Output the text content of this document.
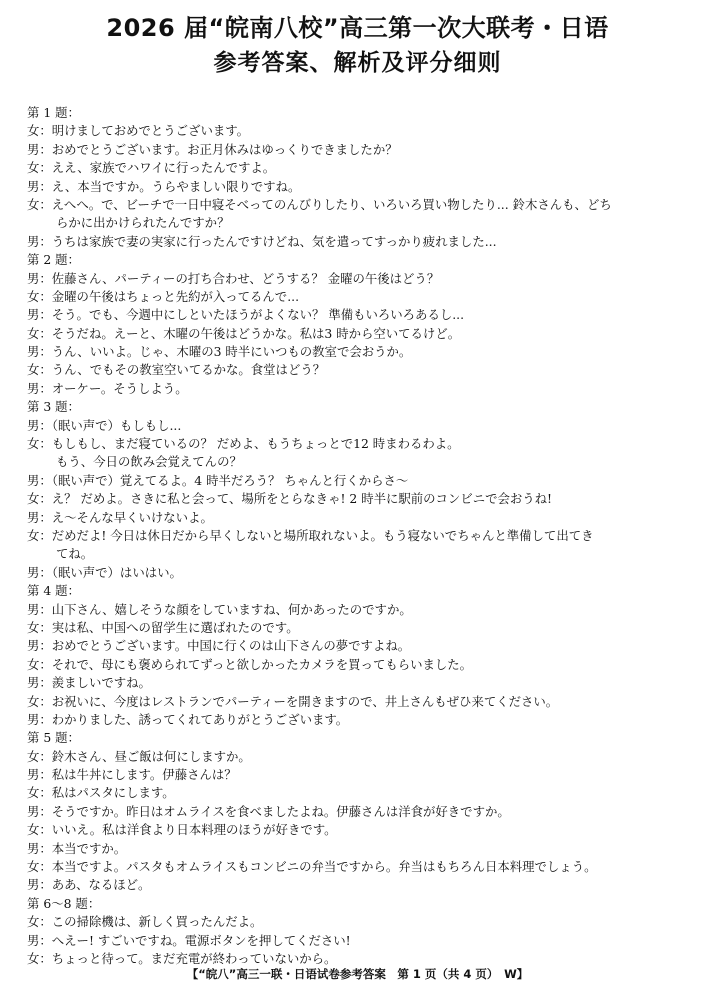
2026 届“皖南八校”高三第一次大联考・日语
参考答案、解析及评分细则
第 1 题：
女：明けましておめでとうございます。
男：おめでとうございます。お正月休みはゆっくりできましたか？
女：ええ、家族でハワイに行ったんですよ。
男：え、本当ですか。うらやましい限りですね。
女：えへへ。で、ビーチで一日中寝そべってのんびりしたり、いろいろ買い物したり... 鈴木さんも、どち
らかに出かけられたんですか？
男：うちは家族で妻の実家に行ったんですけどね、気を遣ってすっかり疲れました...
第 2 题：
男：佐藤さん、パーティーの打ち合わせ、どうする？ 金曜の午後はどう？
女：金曜の午後はちょっと先約が入ってるんで...
男：そう。でも、今週中にしといたほうがよくない？ 準備もいろいろあるし...
女：そうだね。えーと、木曜の午後はどうかな。私は3 時から空いてるけど。
男：うん、いいよ。じゃ、木曜の3 時半にいつもの教室で会おうか。
女：うん、でもその教室空いてるかな。食堂はどう？
男：オーケー。そうしよう。
第 3 题：
男：（眠い声で）もしもし...
女：もしもし、まだ寝ているの？ だめよ、もうちょっとで12 時まわるわよ。
もう、今日の飲み会覚えてんの？
男：（眠い声で）覚えてるよ。4 時半だろう？ ちゃんと行くからさ～
女：え？ だめよ。さきに私と会って、場所をとらなきゃ! 2 時半に駅前のコンビニで会おうね!
男：え～そんな早くいけないよ。
女：だめだよ! 今日は休日だから早くしないと場所取れないよ。もう寝ないでちゃんと準備して出てき
てね。
男：（眠い声で）はいはい。
第 4 题：
男：山下さん、嬉しそうな顔をしていますね、何かあったのですか。
女：実は私、中国への留学生に選ばれたのです。
男：おめでとうございます。中国に行くのは山下さんの夢ですよね。
女：それで、母にも褒められてずっと欲しかったカメラを買ってもらいました。
男：羨ましいですね。
女：お祝いに、今度はレストランでパーティーを開きますので、井上さんもぜひ来てください。
男：わかりました、誘ってくれてありがとうございます。
第 5 题：
女：鈴木さん、昼ご飯は何にしますか。
男：私は牛丼にします。伊藤さんは？
女：私はパスタにします。
男：そうですか。昨日はオムライスを食べましたよね。伊藤さんは洋食が好きですか。
女：いいえ。私は洋食より日本料理のほうが好きです。
男：本当ですか。
女：本当ですよ。パスタもオムライスもコンビニの弁当ですから。弁当はもちろん日本料理でしょう。
男：ああ、なるほど。
第 6～8 题：
女：この掃除機は、新しく買ったんだよ。
男：へえー! すごいですね。電源ボタンを押してください!
女：ちょっと待って。まだ充電が終わっていないから。
【“皖八”高三一联・日语试卷参考答案　第 1 页（共 4 页）　W】
